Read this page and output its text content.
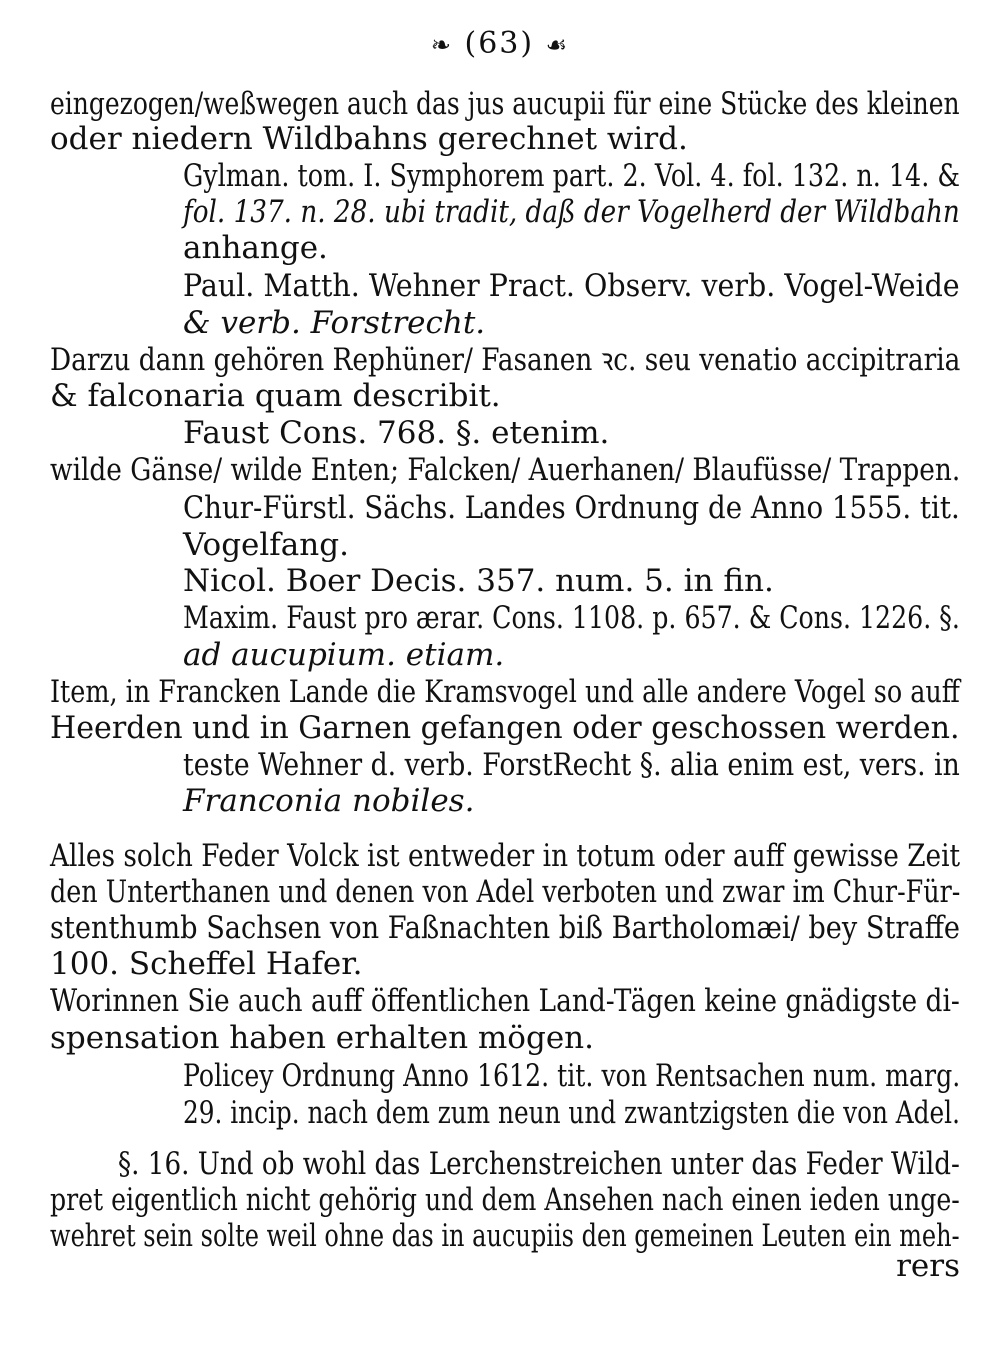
❧ (63) ☙
eingezogen/weßwegen auch das jus aucupii für eine Stücke des kleinen
oder niedern Wildbahns gerechnet wird.
Gylman. tom. I. Symphorem part. 2. Vol. 4. fol. 132. n. 14. &
fol. 137. n. 28. ubi tradit, daß der Vogelherd der Wildbahn
anhange.
Paul. Matth. Wehner Pract. Observ. verb. Vogel-Weide
& verb. Forstrecht.
Darzu dann gehören Rephüner/ Fasanen ꝛc. seu venatio accipitraria
& falconaria quam describit.
Faust Cons. 768. §. etenim.
wilde Gänse/ wilde Enten; Falcken/ Auerhanen/ Blaufüsse/ Trappen.
Chur-Fürstl. Sächs. Landes Ordnung de Anno 1555. tit.
Vogelfang.
Nicol. Boer Decis. 357. num. 5. in fin.
Maxim. Faust pro ærar. Cons. 1108. p. 657. & Cons. 1226. §.
ad aucupium. etiam.
Item, in Francken Lande die Kramsvogel und alle andere Vogel so auff
Heerden und in Garnen gefangen oder geschossen werden.
teste Wehner d. verb. ForstRecht §. alia enim est, vers. in
Franconia nobiles.
Alles solch Feder Volck ist entweder in totum oder auff gewisse Zeit
den Unterthanen und denen von Adel verboten und zwar im Chur-Für-
stenthumb Sachsen von Faßnachten biß Bartholomæi/ bey Straffe
100. Scheffel Hafer.
Worinnen Sie auch auff öffentlichen Land-Tägen keine gnädigste di-
spensation haben erhalten mögen.
Policey Ordnung Anno 1612. tit. von Rentsachen num. marg.
29. incip. nach dem zum neun und zwantzigsten die von Adel.
§. 16. Und ob wohl das Lerchenstreichen unter das Feder Wild-
pret eigentlich nicht gehörig und dem Ansehen nach einen ieden unge-
wehret sein solte weil ohne das in aucupiis den gemeinen Leuten ein meh-
rers
